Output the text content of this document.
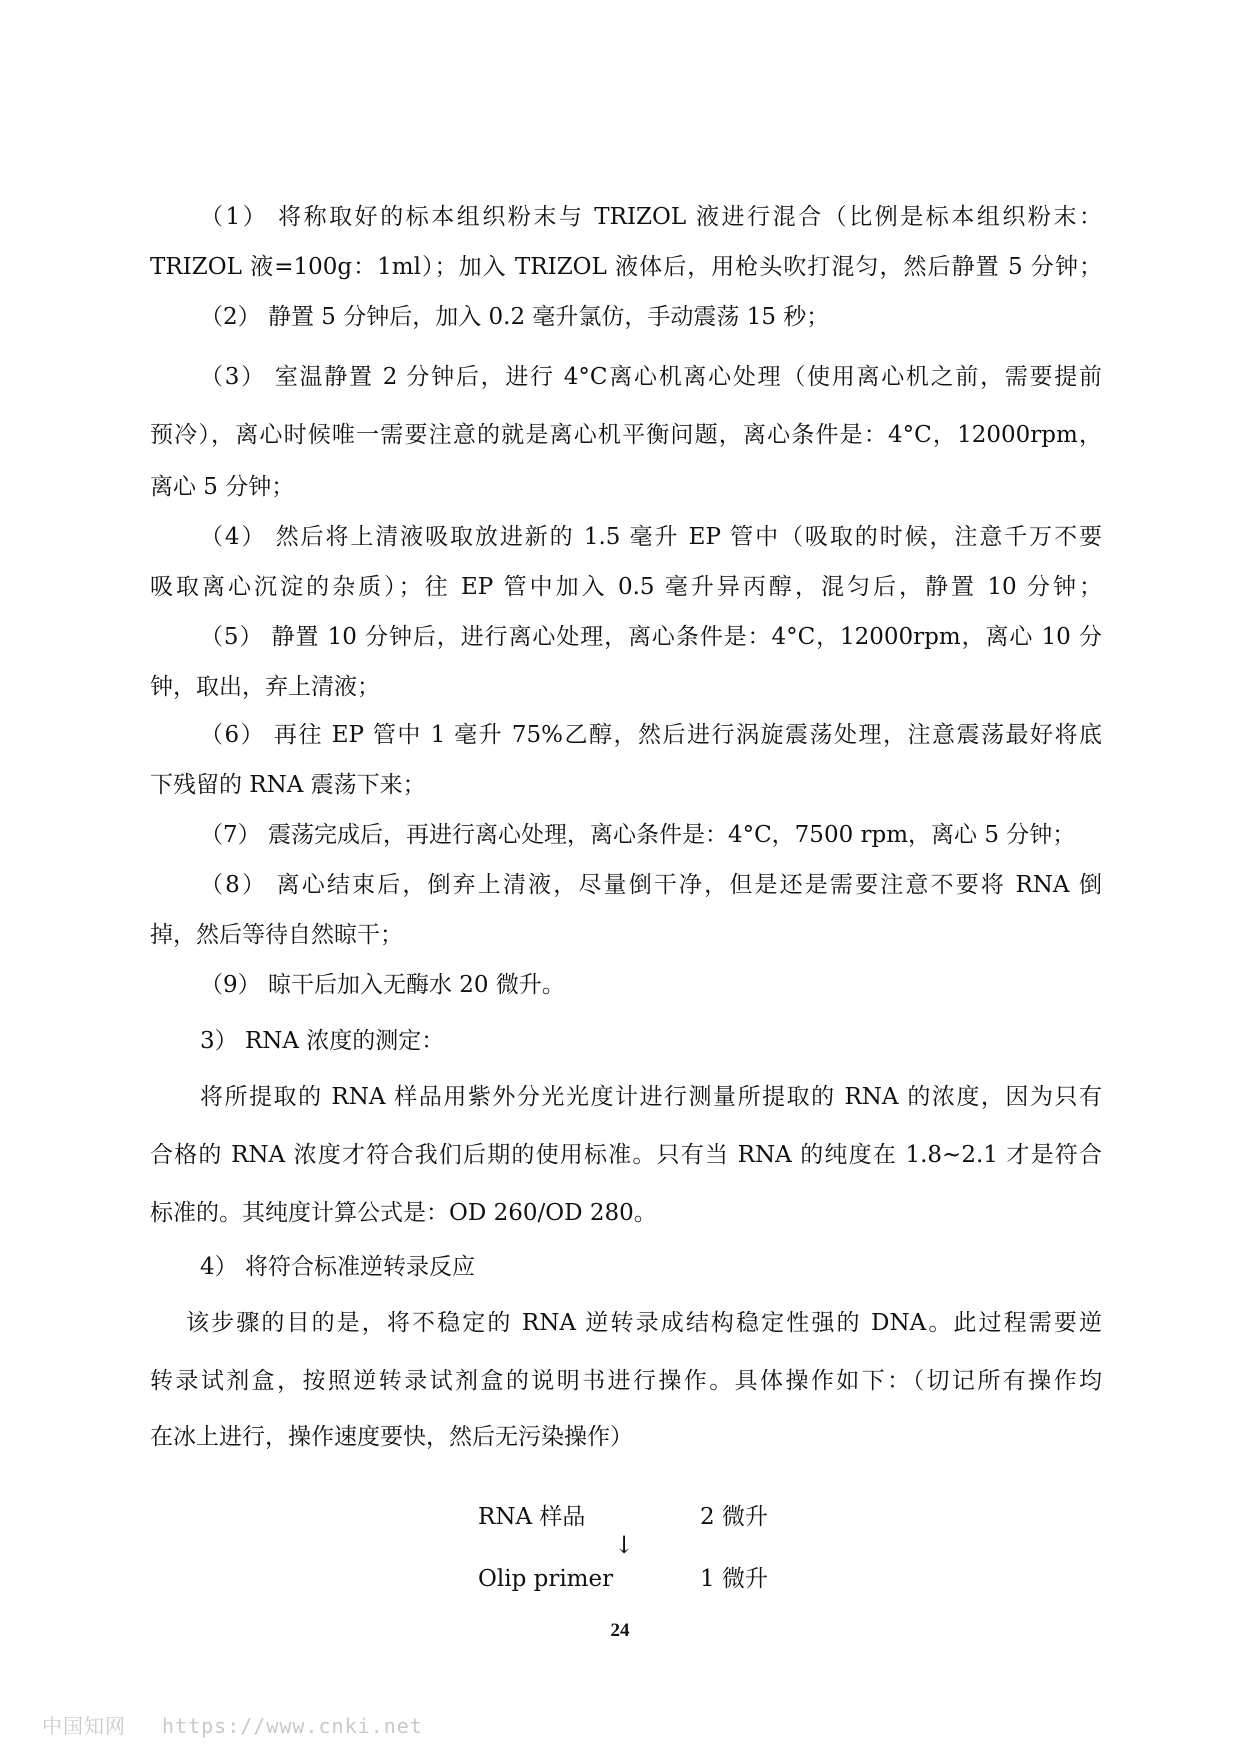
（1） 将称取好的标本组织粉末与 TRIZOL 液进行混合（比例是标本组织粉末：
TRIZOL 液=100g：1ml）；加入 TRIZOL 液体后，用枪头吹打混匀，然后静置 5 分钟；
（2） 静置 5 分钟后，加入 0.2 毫升氯仿，手动震荡 15 秒；
（3） 室温静置 2 分钟后，进行 4°C离心机离心处理（使用离心机之前，需要提前
预冷），离心时候唯一需要注意的就是离心机平衡问题，离心条件是：4°C，12000rpm，
离心 5 分钟；
（4） 然后将上清液吸取放进新的 1.5 毫升 EP 管中（吸取的时候，注意千万不要
吸取离心沉淀的杂质）；往 EP 管中加入 0.5 毫升异丙醇，混匀后，静置 10 分钟；
（5） 静置 10 分钟后，进行离心处理，离心条件是：4°C，12000rpm，离心 10 分
钟，取出，弃上清液；
（6） 再往 EP 管中 1 毫升 75%乙醇，然后进行涡旋震荡处理，注意震荡最好将底
下残留的 RNA 震荡下来；
（7） 震荡完成后，再进行离心处理，离心条件是：4°C，7500 rpm，离心 5 分钟；
（8） 离心结束后，倒弃上清液，尽量倒干净，但是还是需要注意不要将 RNA 倒
掉，然后等待自然晾干；
（9） 晾干后加入无酶水 20 微升。
3） RNA 浓度的测定：
将所提取的 RNA 样品用紫外分光光度计进行测量所提取的 RNA 的浓度，因为只有
合格的 RNA 浓度才符合我们后期的使用标准。只有当 RNA 的纯度在 1.8~2.1 才是符合
标准的。其纯度计算公式是：OD 260/OD 280。
4） 将符合标准逆转录反应
该步骤的目的是，将不稳定的 RNA 逆转录成结构稳定性强的 DNA。此过程需要逆
转录试剂盒，按照逆转录试剂盒的说明书进行操作。具体操作如下：（切记所有操作均
在冰上进行，操作速度要快，然后无污染操作）
RNA 样品	2 微升
↓
Olip primer	1 微升
24
中国知网 https://www.cnki.net
